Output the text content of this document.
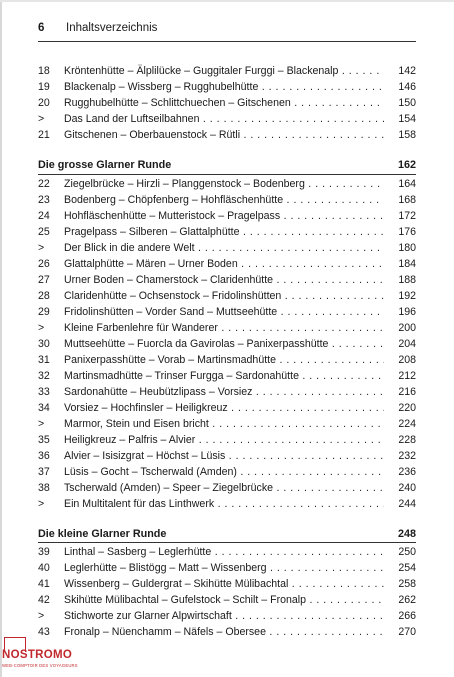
6 Inhaltsverzeichnis
18	Kröntenhütte – Älplilücke – Guggitaler Furggi – Blackenalp . . .	142
19	Blackenalp – Wissberg – Rugghubelhütte . . .	146
20	Rugghubelhütte – Schlittchuechen – Gitschenen . . .	150
>	Das Land der Luftseilbahnen . . .	154
21	Gitschenen – Oberbauenstock – Rütli . . .	158
Die grosse Glarner Runde	162
22	Ziegelbrücke – Hirzli – Planggenstock – Bodenberg . . .	164
23	Bodenberg – Chöpfenberg – Hohfläschenhütte . . .	168
24	Hohfläschenhütte – Mutteristock – Pragelpass . . .	172
25	Pragelpass – Silberen – Glattalphütte . . .	176
>	Der Blick in die andere Welt . . .	180
26	Glattalphütte – Mären – Urner Boden . . .	184
27	Urner Boden – Chamerstock – Claridenhütte . . .	188
28	Claridenhütte – Ochsenstock – Fridolinshütten . . .	192
29	Fridolinshütten – Vorder Sand – Muttseehütte . . .	196
>	Kleine Farbenlehre für Wanderer . . .	200
30	Muttseehütte – Fuorcla da Gavirolas – Panixerpasshütte . . .	204
31	Panixerpasshütte – Vorab – Martinsmadhütte . . .	208
32	Martinsmadhütte – Trinser Furgga – Sardonahütte . . .	212
33	Sardonahütte – Heubützlipass – Vorsiez . . .	216
34	Vorsiez – Hochfinsler – Heiligkreuz . . .	220
>	Marmor, Stein und Eisen bricht . . .	224
35	Heiligkreuz – Palfris – Alvier . . .	228
36	Alvier – Isisizgrat – Höchst – Lüsis . . .	232
37	Lüsis – Gocht – Tscherwald (Amden) . . .	236
38	Tscherwald (Amden) – Speer – Ziegelbrücke . . .	240
>	Ein Multitalent für das Linthwerk . . .	244
Die kleine Glarner Runde	248
39	Linthal – Sasberg – Leglerhütte . . .	250
40	Leglerhütte – Blistögg – Matt – Wissenberg . . .	254
41	Wissenberg – Guldergrat – Skihütte Mülibachtal . . .	258
42	Skihütte Mülibachtal – Gufelstock – Schilt – Fronalp . . .	262
>	Stichworte zur Glarner Alpwirtschaft . . .	266
43	Fronalp – Nüenchamm – Näfels – Obersee . . .	270
NOSTROMO
WEB-COMPTOIR DES VOYAGEURS
